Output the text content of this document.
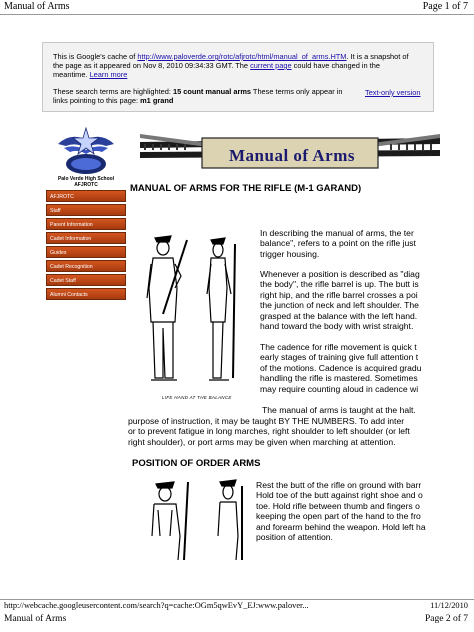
Manual of Arms	Page 1 of 7
This is Google's cache of http://www.paloverde.org/rotc/afjrotc/html/manual_of_arms.HTM. It is a snapshot of
the page as it appeared on Nov 8, 2010 09:34:33 GMT. The current page could have changed in the
meantime. Learn more
These search terms are highlighted: 15 count manual arms These terms only appear in
links pointing to this page: m1 grand
Text-only version
Palo Verde High School
AFJROTC
Manual of Arms
AFJROTC
Staff
Parent Information
Cadet Information
Guides
Cadet Recognition
Cadet Staff
Alumni Contacts
MANUAL OF ARMS FOR THE RIFLE (M-1 GARAND)
LIFE HAND AT THE BALANCE
In describing the manual of arms, the ter
balance", refers to a point on the rifle just
trigger housing.
Whenever a position is described as "diag
the body", the rifle barrel is up. The butt is
right hip, and the rifle barrel crosses a poi
the junction of neck and left shoulder. The
grasped at the balance with the left hand.
hand toward the body with wrist straight.
The cadence for rifle movement is quick t
early stages of training give full attention t
of the motions. Cadence is acquired gradu
handling the rifle is mastered. Sometimes
may require counting aloud in cadence wi
The manual of arms is taught at the halt.
purpose of instruction, it may be taught BY THE NUMBERS. To add inter
or to prevent fatigue in long marches, right shoulder to left shoulder (or left
right shoulder), or port arms may be given when marching at attention.
POSITION OF ORDER ARMS
Rest the butt of the rifle on ground with barr
Hold toe of the butt against right shoe and o
toe. Hold rifle between thumb and fingers o
keeping the open part of the hand to the fro
and forearm behind the weapon. Hold left ha
position of attention.
http://webcache.googleusercontent.com/search?q=cache:OGm5qwEvY_EJ:www.palover...	11/12/2010
Manual of Arms	Page 2 of 7
